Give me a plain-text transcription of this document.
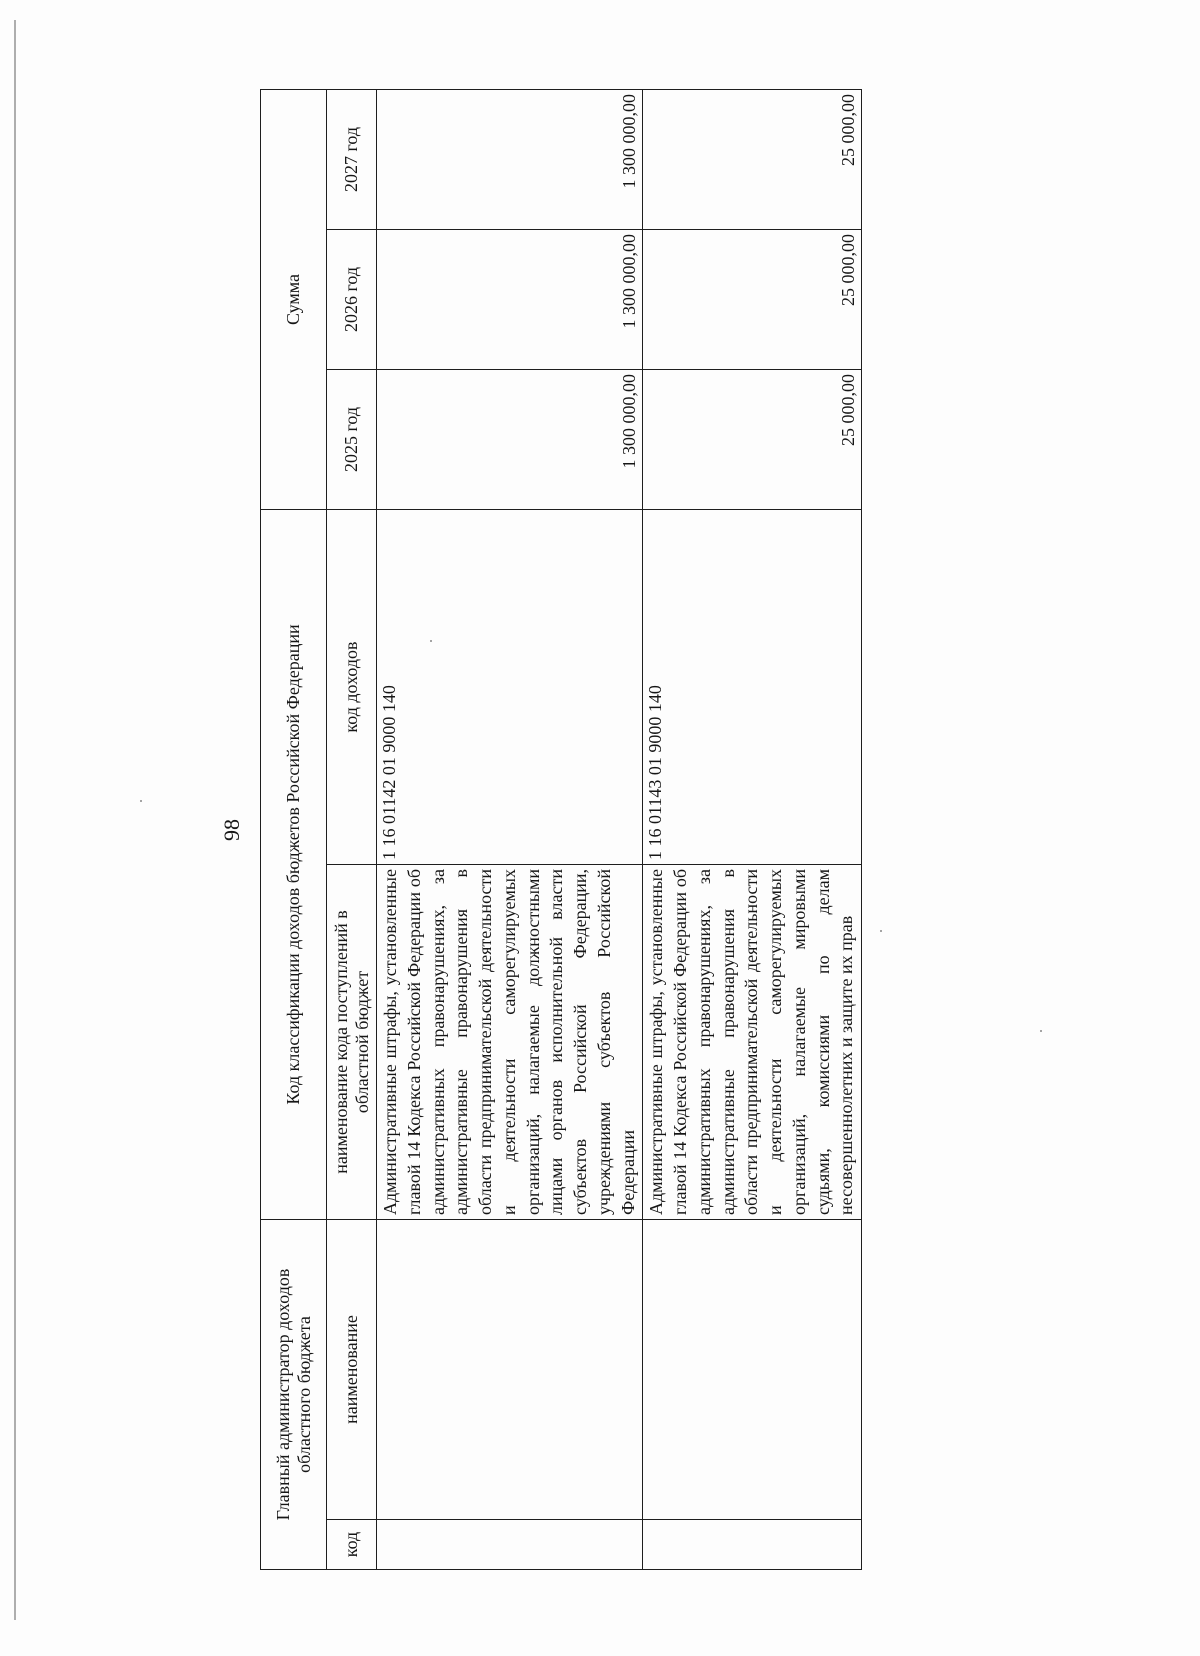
98
Главный администратор доходов областного бюджета		Код классификации доходов бюджетов Российской Федерации		Сумма		
код	наименование	наименование кода поступлений в областной бюджет	код доходов	2025 год	2026 год	2027 год
		Административные штрафы, установленные главой 14 Кодекса Российской Федерации об административных правонарушениях, за административные правонарушения в области предпринимательской деятельности и деятельности саморегулируемых организаций, налагаемые должностными лицами органов исполнительной власти субъектов Российской Федерации, учреждениями субъектов Российской Федерации	1 16 01142 01 9000 140	1 300 000,00	1 300 000,00	1 300 000,00
		Административные штрафы, установленные главой 14 Кодекса Российской Федерации об административных правонарушениях, за административные правонарушения в области предпринимательской деятельности и деятельности саморегулируемых организаций, налагаемые мировыми судьями, комиссиями по делам несовершеннолетних и защите их прав	1 16 01143 01 9000 140	25 000,00	25 000,00	25 000,00
